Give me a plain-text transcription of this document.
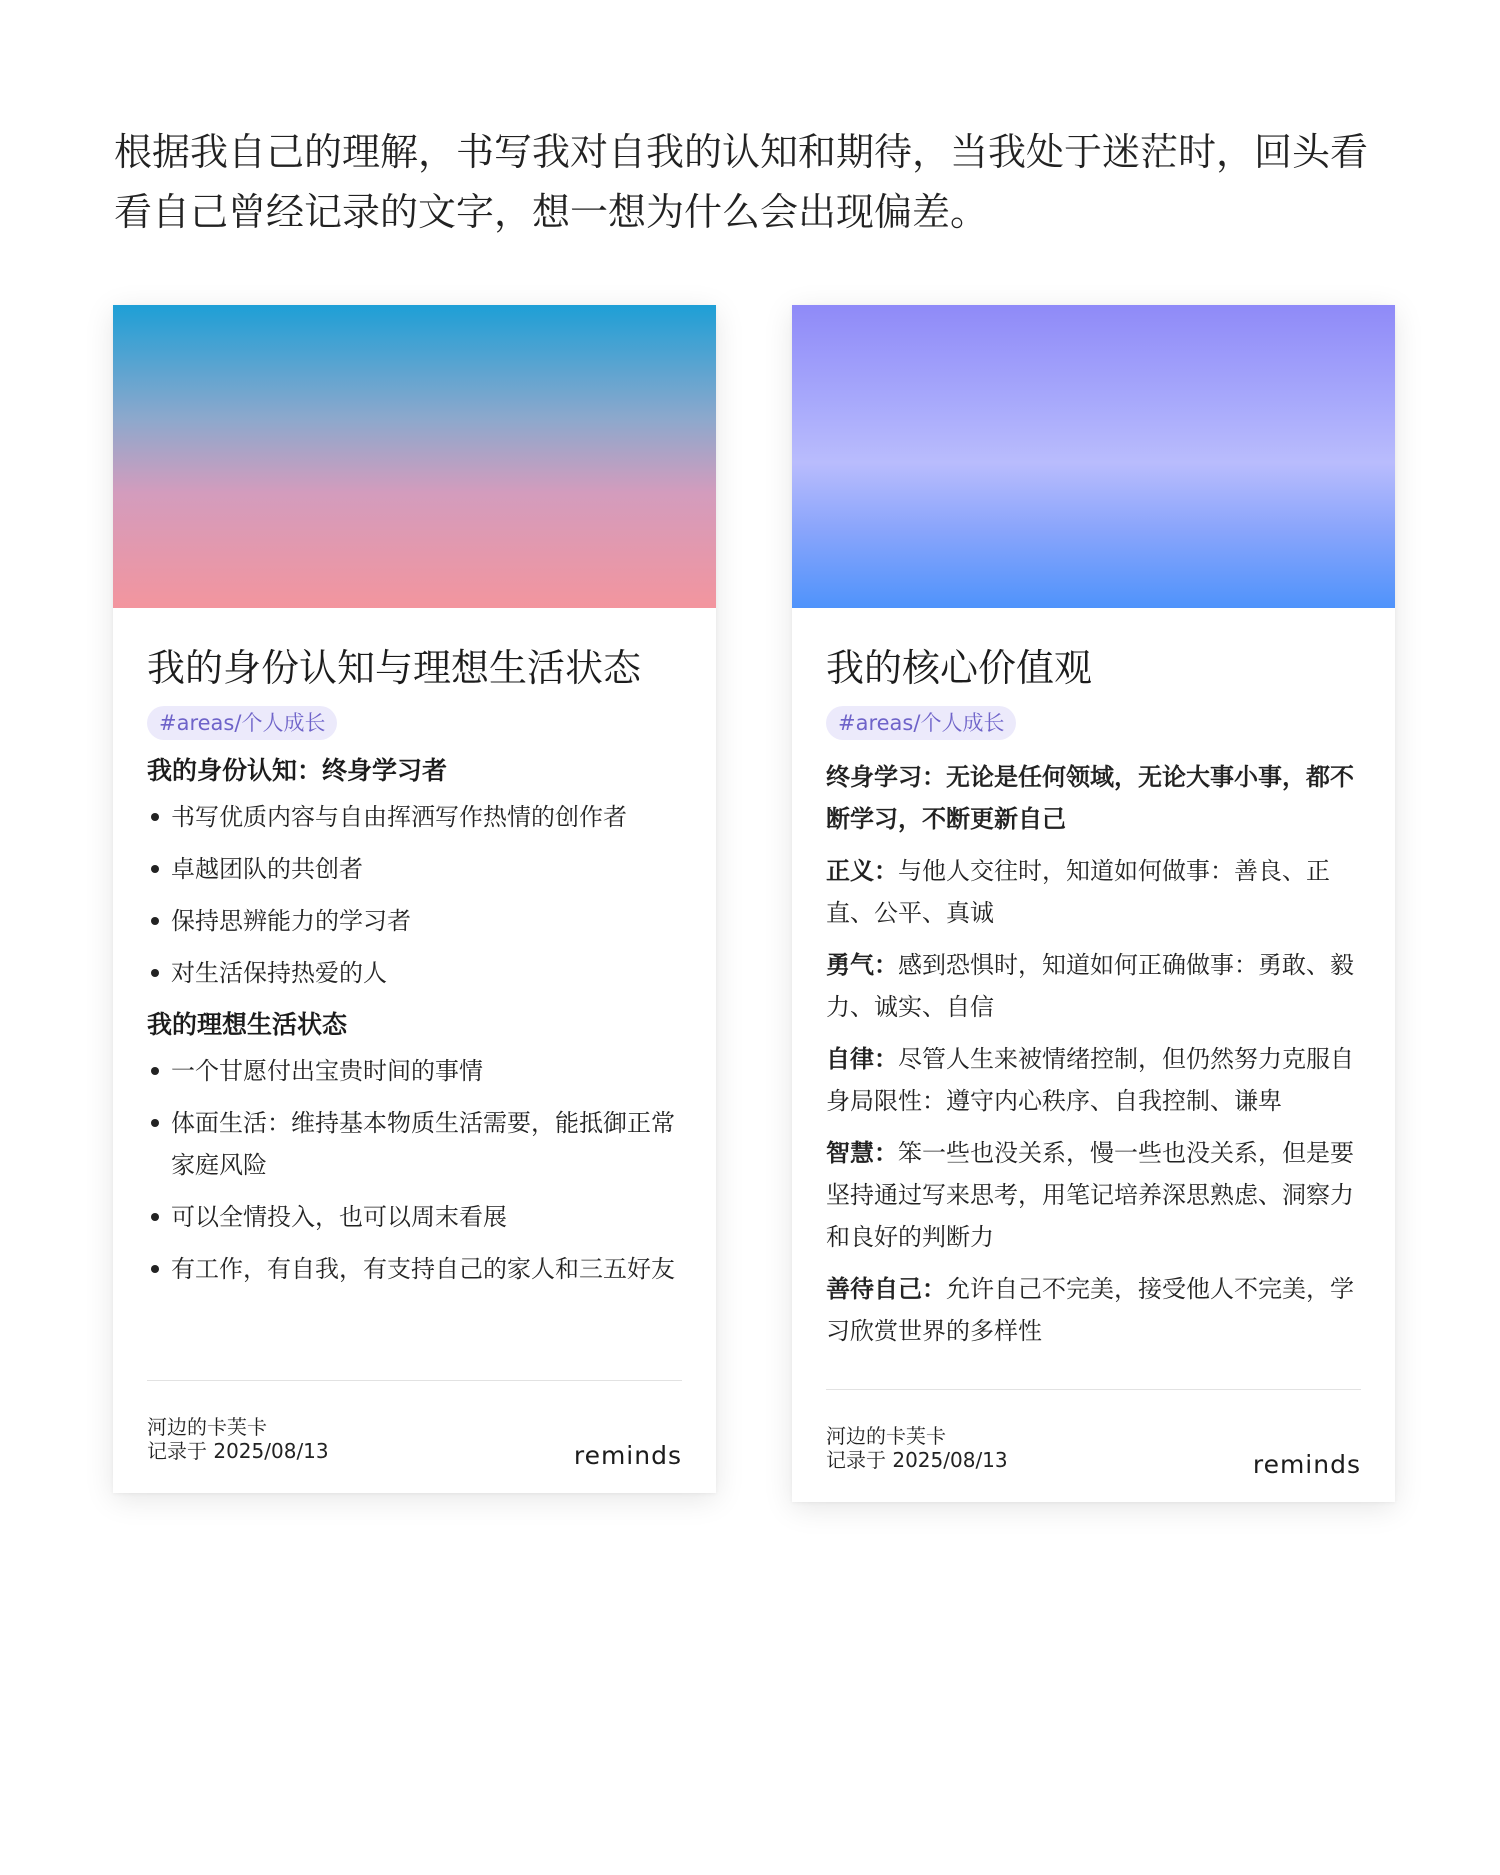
根据我自己的理解，书写我对自我的认知和期待，当我处于迷茫时，回头看
看自己曾经记录的文字，想一想为什么会出现偏差。
我的身份认知与理想生活状态
#areas/个人成长
我的身份认知：终身学习者
书写优质内容与自由挥洒写作热情的创作者
卓越团队的共创者
保持思辨能力的学习者
对生活保持热爱的人
我的理想生活状态
一个甘愿付出宝贵时间的事情
体面生活：维持基本物质生活需要，能抵御正常家庭风险
可以全情投入，也可以周末看展
有工作，有自我，有支持自己的家人和三五好友
河边的卡芙卡
记录于 2025/08/13	reminds
我的核心价值观
#areas/个人成长

终身学习：无论是任何领域，无论大事小事，都不断学习，不断更新自己

正义：与他人交往时，知道如何做事：善良、正直、公平、真诚

勇气：感到恐惧时，知道如何正确做事：勇敢、毅力、诚实、自信

自律：尽管人生来被情绪控制，但仍然努力克服自身局限性：遵守内心秩序、自我控制、谦卑

智慧：笨一些也没关系，慢一些也没关系，但是要坚持通过写来思考，用笔记培养深思熟虑、洞察力和良好的判断力

善待自己：允许自己不完美，接受他人不完美，学习欣赏世界的多样性

河边的卡芙卡
记录于 2025/08/13	reminds
